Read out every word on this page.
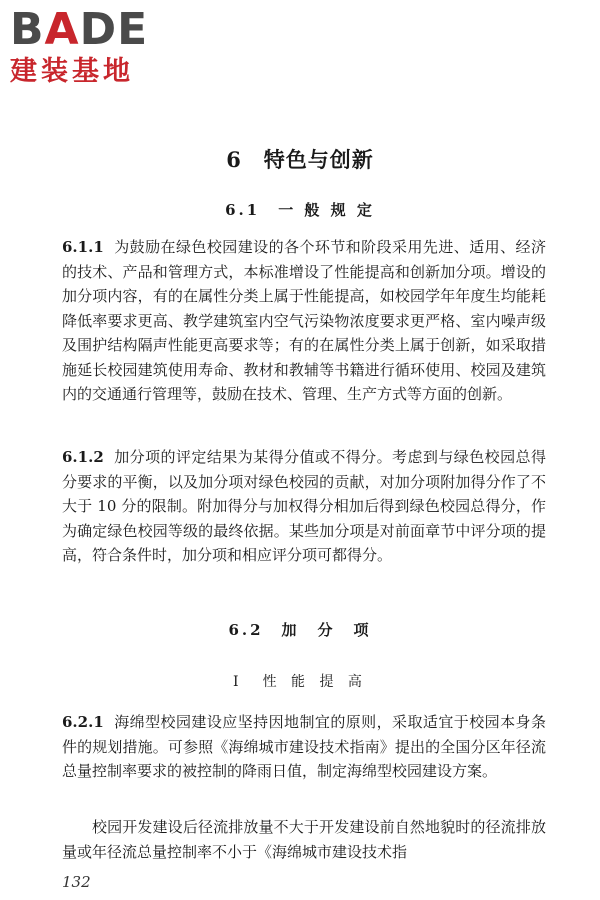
BADE
建装基地
6　特色与创新
6.1　一 般 规 定
6.1.1 为鼓励在绿色校园建设的各个环节和阶段采用先进、适用、经济的技术、产品和管理方式，本标准增设了性能提高和创新加分项。增设的加分项内容，有的在属性分类上属于性能提高，如校园学年年度生均能耗降低率要求更高、教学建筑室内空气污染物浓度要求更严格、室内噪声级及围护结构隔声性能更高要求等；有的在属性分类上属于创新，如采取措施延长校园建筑使用寿命、教材和教辅等书籍进行循环使用、校园及建筑内的交通通行管理等，鼓励在技术、管理、生产方式等方面的创新。
6.1.2 加分项的评定结果为某得分值或不得分。考虑到与绿色校园总得分要求的平衡，以及加分项对绿色校园的贡献，对加分项附加得分作了不大于 10 分的限制。附加得分与加权得分相加后得到绿色校园总得分，作为确定绿色校园等级的最终依据。某些加分项是对前面章节中评分项的提高，符合条件时，加分项和相应评分项可都得分。
6.2　加　分　项
Ⅰ　性 能 提 高
6.2.1 海绵型校园建设应坚持因地制宜的原则，采取适宜于校园本身条件的规划措施。可参照《海绵城市建设技术指南》提出的全国分区年径流总量控制率要求的被控制的降雨日值，制定海绵型校园建设方案。
校园开发建设后径流排放量不大于开发建设前自然地貌时的径流排放量或年径流总量控制率不小于《海绵城市建设技术指
132
